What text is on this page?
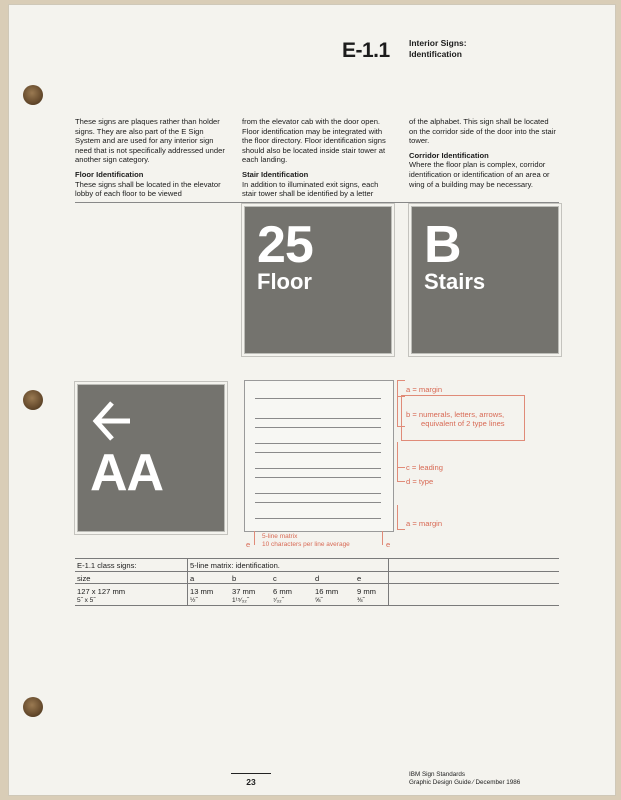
E-1.1 Interior Signs:
Identification

These signs are plaques rather than holder signs. They are also part of the E Sign System and are used for any interior sign need that is not specifically addressed under another sign category.

Floor Identification
These signs shall be located in the elevator lobby of each floor to be viewed

from the elevator cab with the door open. Floor identification may be integrated with the floor directory. Floor identification signs should also be located inside stair tower at each landing.

Stair Identification
In addition to illuminated exit signs, each stair tower shall be identified by a letter

of the alphabet. This sign shall be located on the corridor side of the door into the stair tower.

Corridor Identification
Where the floor plan is complex, corridor identification or identification of an area or wing of a building may be necessary.

25
Floor
B
Stairs
AA
e	e
5-line matrix
10 characters per line average
a = margin
b = numerals, letters, arrows,
equivalent of 2 type lines
c = leading
d = type
a = margin
E-1.1 class signs:	5-line matrix: identification.
size	a	b	c	d	e
127 x 127 mm	13 mm 37 mm 6 mm	16 mm 9 mm
5˝ x 5˝	½˝	1¹⁵⁄₃₂˝	⁷⁄₃₂˝	⅝˝	⅜˝
23
IBM Sign Standards
Graphic Design Guide ⁄ December 1986
